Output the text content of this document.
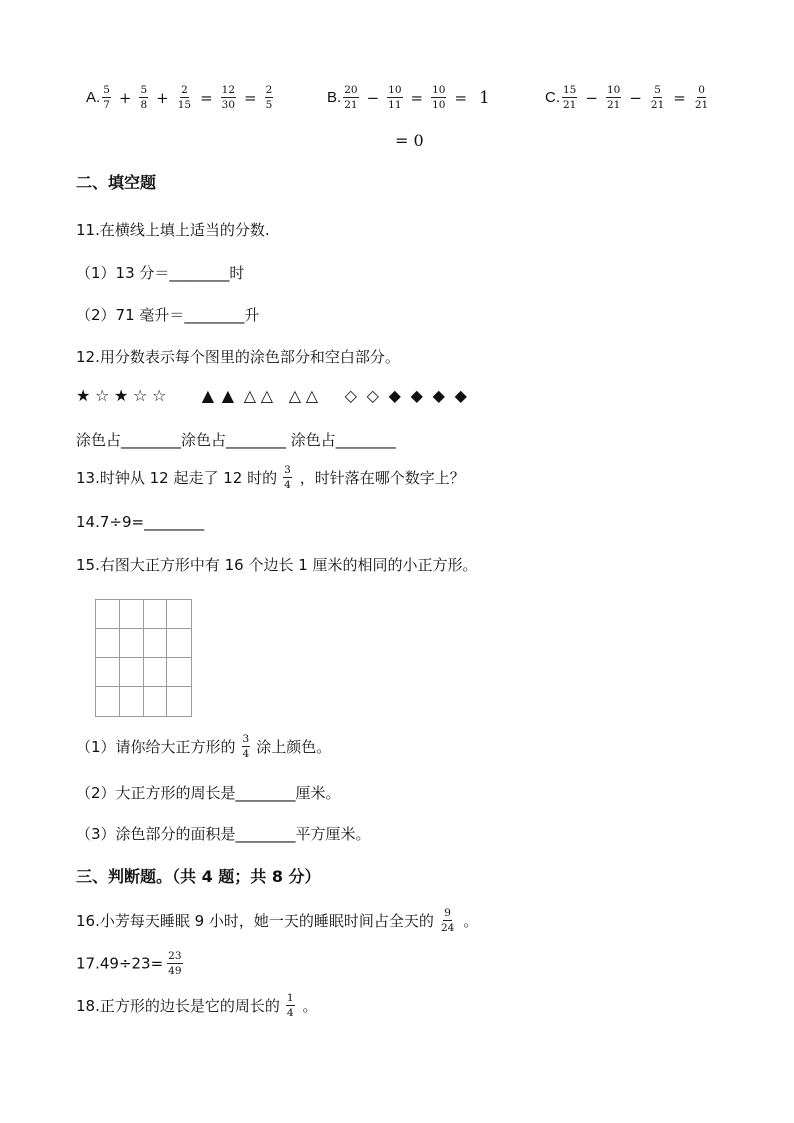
A. $\frac{5}{7} + \frac{5}{8} + \frac{2}{15} = \frac{12}{30} = \frac{2}{5}$	B. $\frac{20}{21} - \frac{10}{11} = \frac{10}{10} = 1$	C. $\frac{15}{21} - \frac{10}{21} - \frac{5}{21} = \frac{0}{21}$
= 0
二、填空题
11.在横线上填上适当的分数.
（1）13 分＝________时
（2）71 毫升＝________升
12.用分数表示每个图里的涂色部分和空白部分。
★ ☆ ★ ☆ ☆ ▲ ▲ △ △ △ △ ◇ ◇ ◆ ◆ ◆ ◆
涂色占________涂色占________ 涂色占________
13.时钟从 12 起走了 12 时的 $\frac{3}{4}$ ，时针落在哪个数字上？
14.7÷9=________
15.右图大正方形中有 16 个边长 1 厘米的相同的小正方形。
（1）请你给大正方形的 $\frac{3}{4}$ 涂上颜色。
（2）大正方形的周长是________厘米。
（3）涂色部分的面积是________平方厘米。
三、判断题。（共 4 题；共 8 分）
16.小芳每天睡眠 9 小时，她一天的睡眠时间占全天的 $\frac{9}{24}$ 。
$17.49\div 23= \frac{23}{49}$
18.正方形的边长是它的周长的 $\frac{1}{4}$ 。
